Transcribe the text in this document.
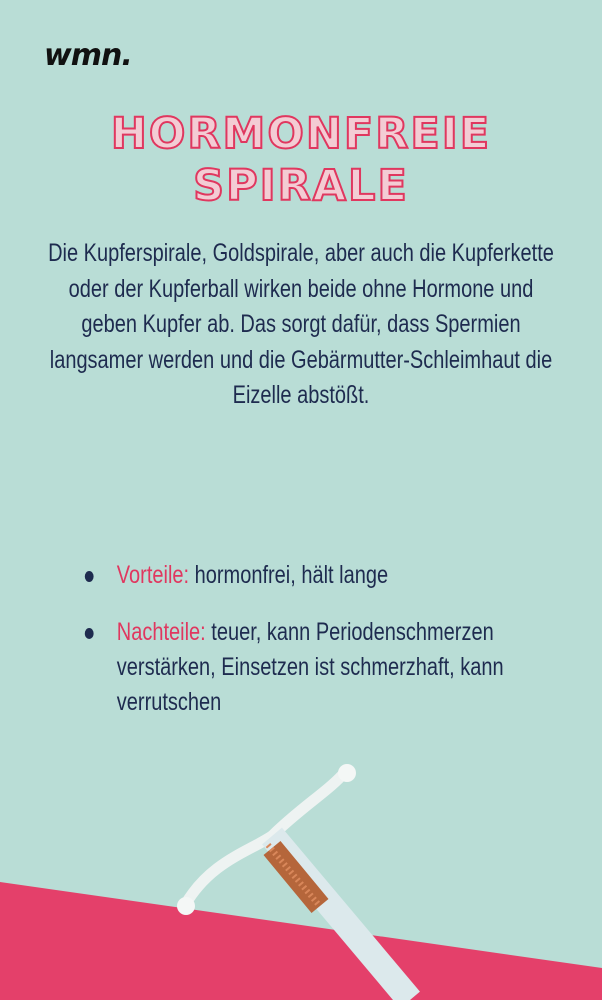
wmn.
HORMONFREIE
SPIRALE
Die Kupferspirale, Goldspirale, aber auch die Kupferkette oder der Kupferball wirken beide ohne Hormone und geben Kupfer ab. Das sorgt dafür, dass Spermien langsamer werden und die Gebärmutter-Schleimhaut die Eizelle abstößt.
Vorteile: hormonfrei, hält lange
Nachteile: teuer, kann Periodenschmerzen verstärken, Einsetzen ist schmerzhaft, kann verrutschen
